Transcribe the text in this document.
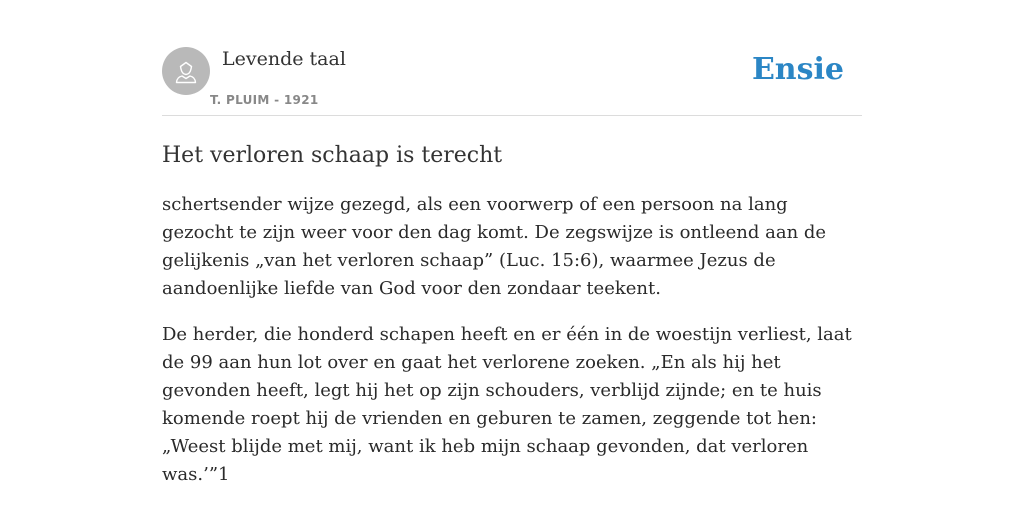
Levende taal
T. PLUIM - 1921
Ensie
Het verloren schaap is terecht

schertsender wijze gezegd, als een voorwerp of een persoon na lang gezocht te zijn weer voor den dag komt. De zegswijze is ontleend aan de gelijkenis „van het verloren schaap” (Luc. 15:6), waarmee Jezus de aandoenlijke liefde van God voor den zondaar teekent.

De herder, die honderd schapen heeft en er één in de woestijn verliest, laat de 99 aan hun lot over en gaat het verlorene zoeken. „En als hij het gevonden heeft, legt hij het op zijn schouders, verblijd zijnde; en te huis komende roept hij de vrienden en geburen te zamen, zeggende tot hen: „Weest blijde met mij, want ik heb mijn schaap gevonden, dat verloren was.’”1
